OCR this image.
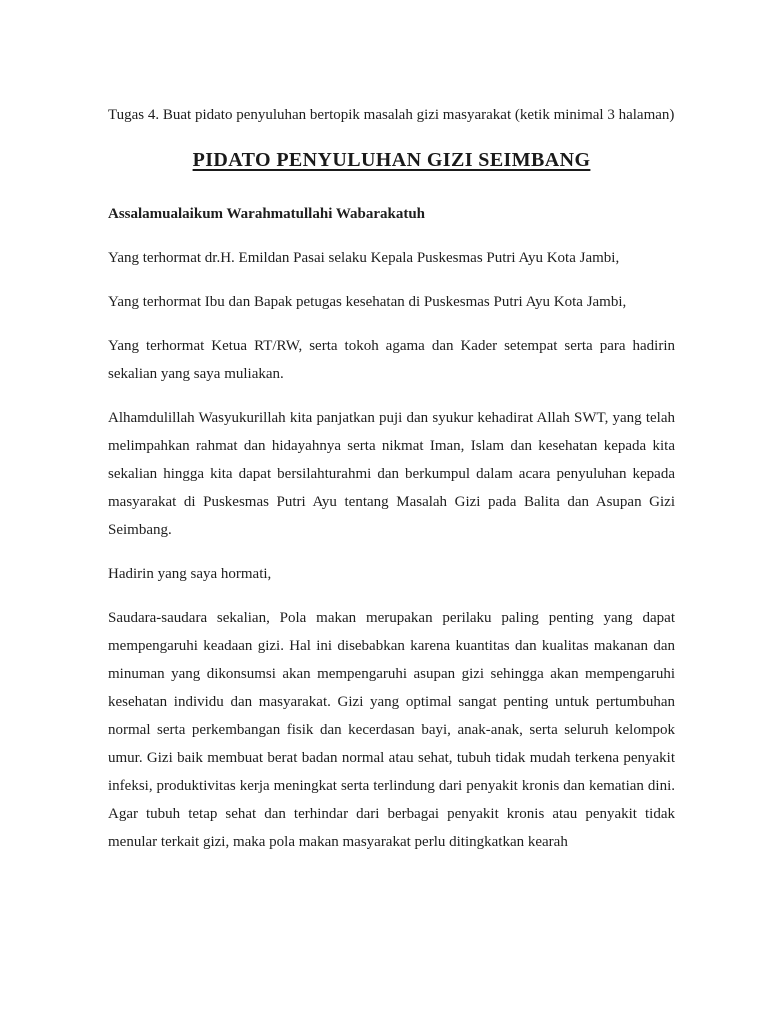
Tugas 4. Buat pidato penyuluhan bertopik masalah gizi masyarakat (ketik minimal 3 halaman)

PIDATO PENYULUHAN GIZI SEIMBANG

Assalamualaikum Warahmatullahi Wabarakatuh

Yang terhormat dr.H. Emildan Pasai selaku Kepala Puskesmas Putri Ayu Kota Jambi,

Yang terhormat Ibu dan Bapak petugas kesehatan di Puskesmas Putri Ayu Kota Jambi,

Yang terhormat Ketua RT/RW, serta tokoh agama dan Kader setempat serta para hadirin sekalian yang saya muliakan.

Alhamdulillah Wasyukurillah kita panjatkan puji dan syukur kehadirat Allah SWT, yang telah melimpahkan rahmat dan hidayahnya serta nikmat Iman, Islam dan kesehatan kepada kita sekalian hingga kita dapat bersilahturahmi dan berkumpul dalam acara penyuluhan kepada masyarakat di Puskesmas Putri Ayu tentang Masalah Gizi pada Balita dan Asupan Gizi Seimbang.

Hadirin yang saya hormati,

Saudara-saudara sekalian, Pola makan merupakan perilaku paling penting yang dapat mempengaruhi keadaan gizi. Hal ini disebabkan karena kuantitas dan kualitas makanan dan minuman yang dikonsumsi akan mempengaruhi asupan gizi sehingga akan mempengaruhi kesehatan individu dan masyarakat. Gizi yang optimal sangat penting untuk pertumbuhan normal serta perkembangan fisik dan kecerdasan bayi, anak-anak, serta seluruh kelompok umur. Gizi baik membuat berat badan normal atau sehat, tubuh tidak mudah terkena penyakit infeksi, produktivitas kerja meningkat serta terlindung dari penyakit kronis dan kematian dini. Agar tubuh tetap sehat dan terhindar dari berbagai penyakit kronis atau penyakit tidak menular terkait gizi, maka pola makan masyarakat perlu ditingkatkan kearah
